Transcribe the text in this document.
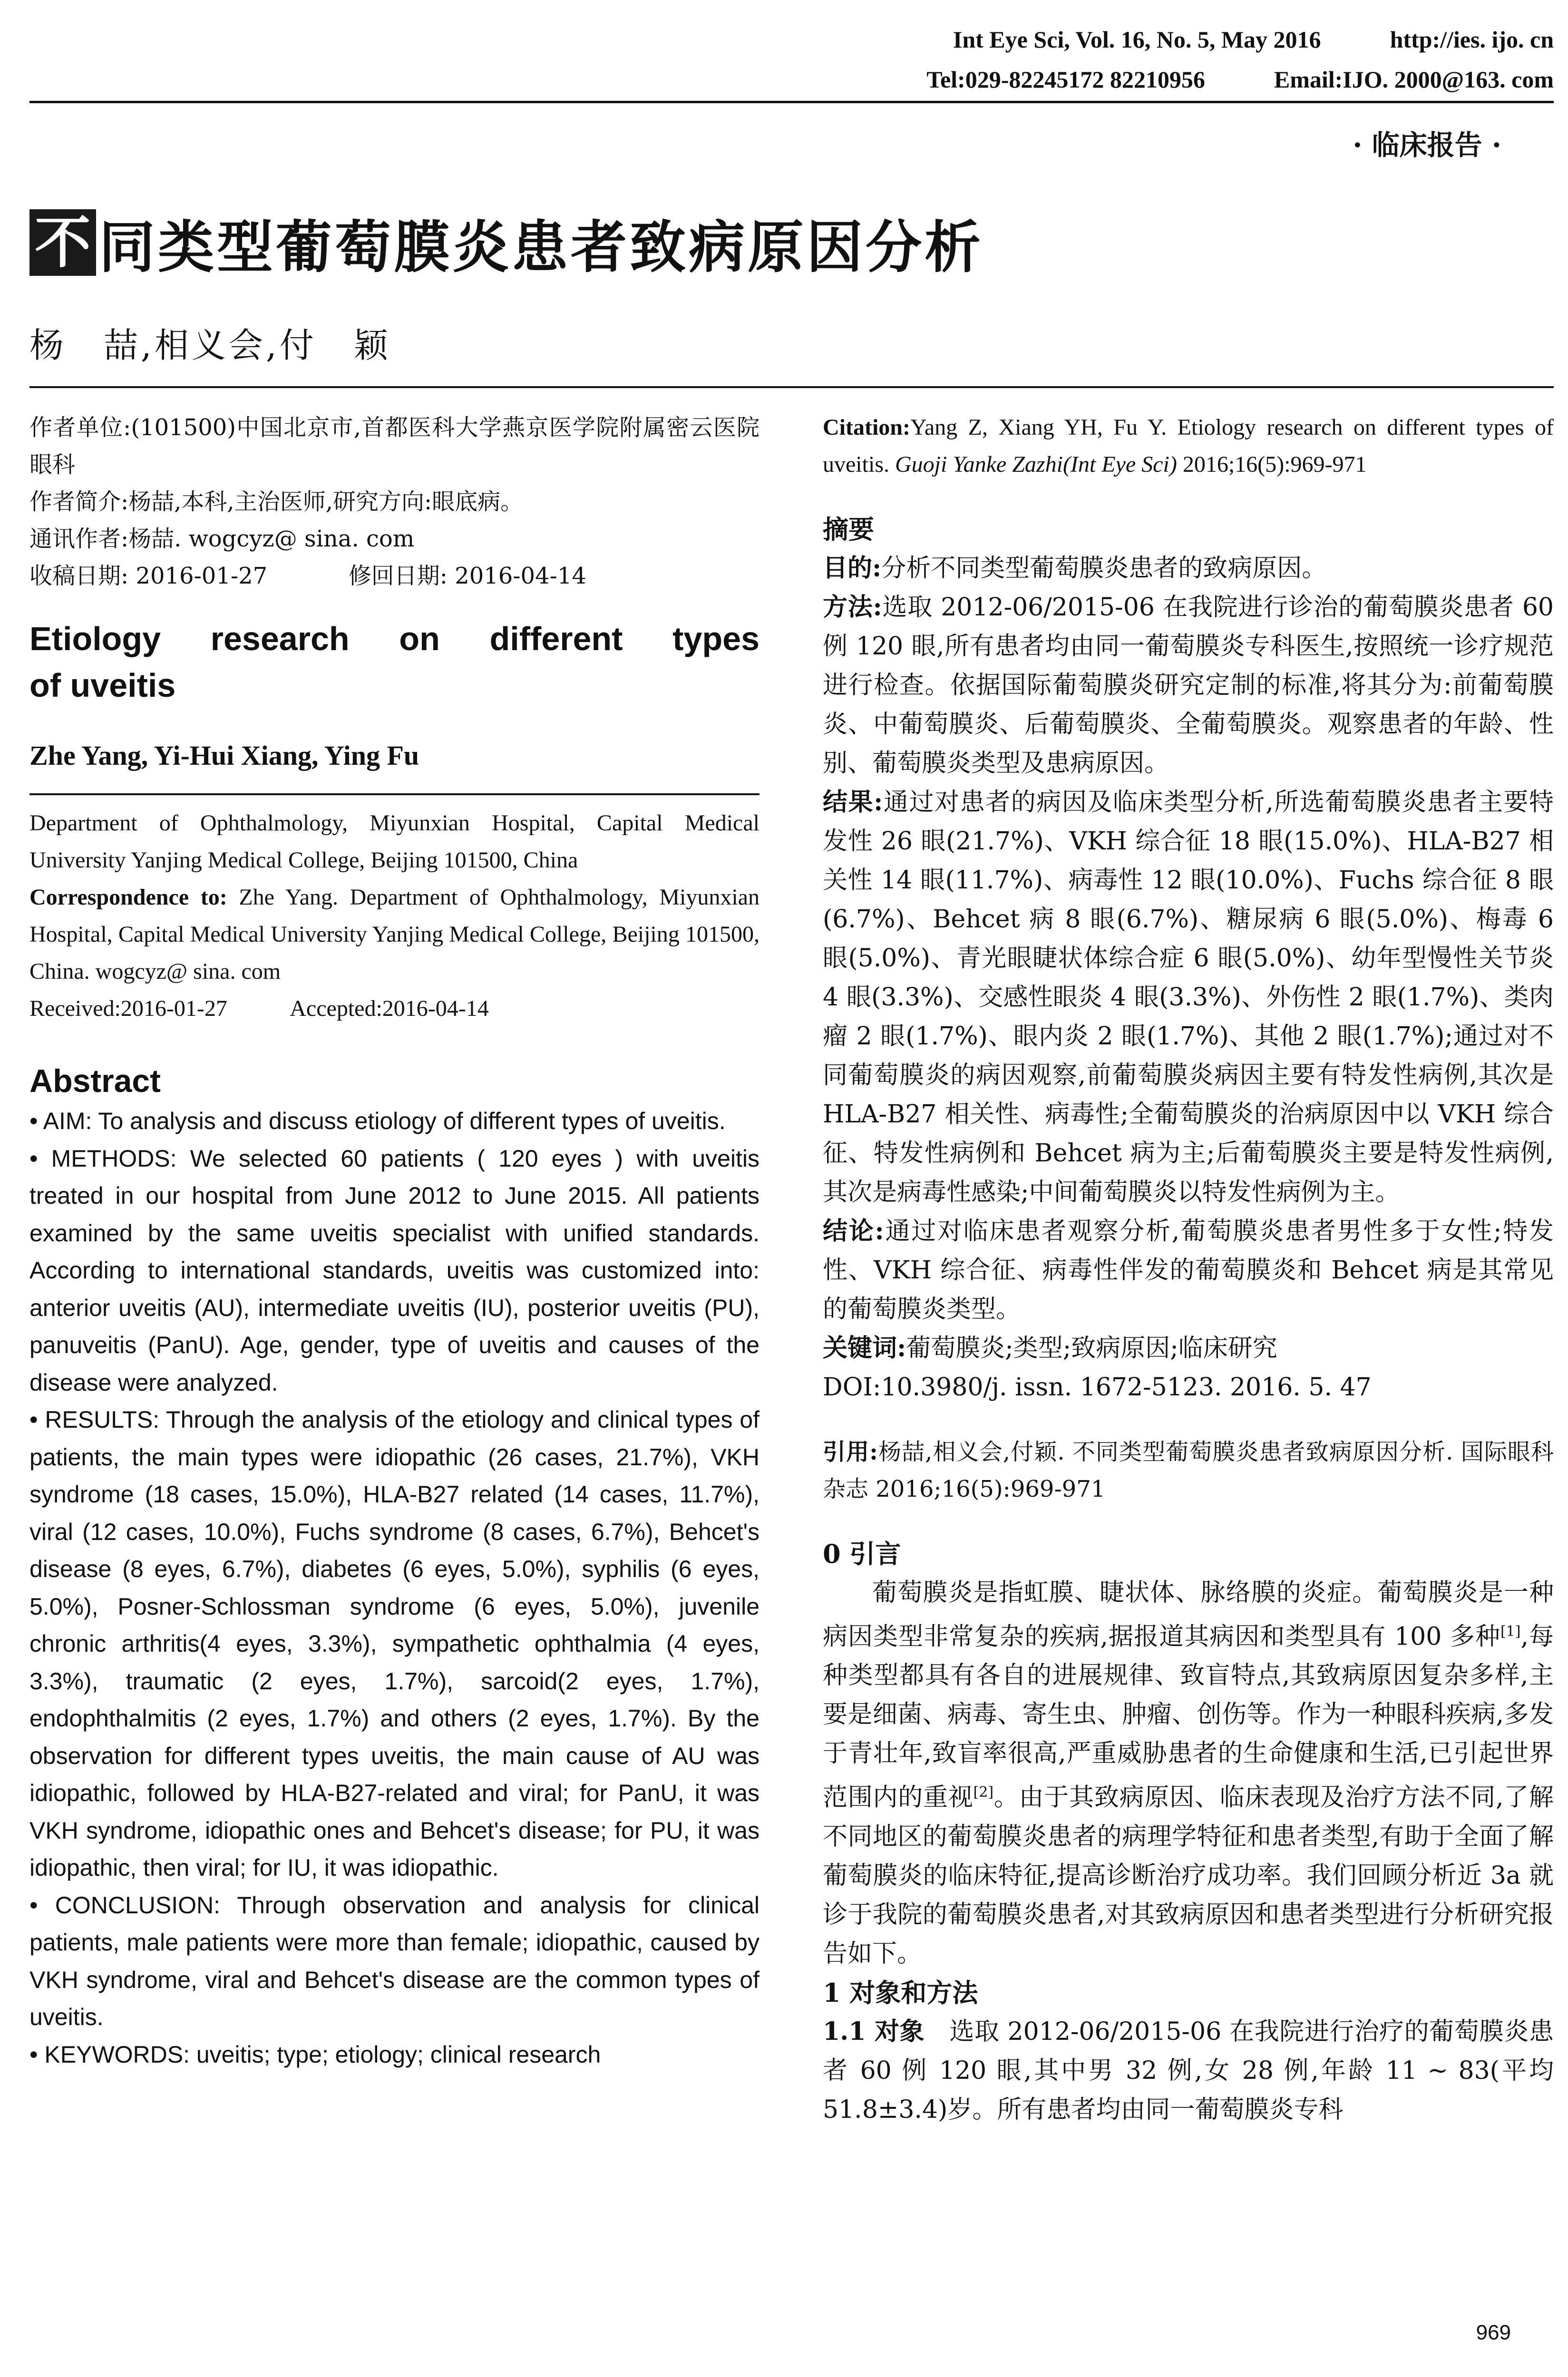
Int Eye Sci, Vol. 16, No. 5, May 2016	http://ies. ijo. cn
Tel:029-82245172 82210956	Email:IJO. 2000@163. com
· 临床报告 ·
不 同类型葡萄膜炎患者致病原因分析
杨　喆,相义会,付　颖
作者单位:(101500)中国北京市,首都医科大学燕京医学院附属密云医院眼科
作者简介:杨喆,本科,主治医师,研究方向:眼底病。
通讯作者:杨喆. wogcyz@ sina. com
收稿日期: 2016-01-27	修回日期: 2016-04-14
Etiology research on different types
of uveitis
Zhe Yang, Yi-Hui Xiang, Ying Fu
Department of Ophthalmology, Miyunxian Hospital, Capital Medical University Yanjing Medical College, Beijing 101500, China
Correspondence to: Zhe Yang. Department of Ophthalmology, Miyunxian Hospital, Capital Medical University Yanjing Medical College, Beijing 101500, China. wogcyz@ sina. com
Received:2016-01-27	Accepted:2016-04-14
Abstract
• AIM: To analysis and discuss etiology of different types of uveitis.
• METHODS: We selected 60 patients ( 120 eyes ) with uveitis treated in our hospital from June 2012 to June 2015. All patients examined by the same uveitis specialist with unified standards. According to international standards, uveitis was customized into: anterior uveitis (AU), intermediate uveitis (IU), posterior uveitis (PU), panuveitis (PanU). Age, gender, type of uveitis and causes of the disease were analyzed.
• RESULTS: Through the analysis of the etiology and clinical types of patients, the main types were idiopathic (26 cases, 21.7%), VKH syndrome (18 cases, 15.0%), HLA-B27 related (14 cases, 11.7%), viral (12 cases, 10.0%), Fuchs syndrome (8 cases, 6.7%), Behcet's disease (8 eyes, 6.7%), diabetes (6 eyes, 5.0%), syphilis (6 eyes, 5.0%), Posner-Schlossman syndrome (6 eyes, 5.0%), juvenile chronic arthritis(4 eyes, 3.3%), sympathetic ophthalmia (4 eyes, 3.3%), traumatic (2 eyes, 1.7%), sarcoid(2 eyes, 1.7%), endophthalmitis (2 eyes, 1.7%) and others (2 eyes, 1.7%). By the observation for different types uveitis, the main cause of AU was idiopathic, followed by HLA-B27-related and viral; for PanU, it was VKH syndrome, idiopathic ones and Behcet's disease; for PU, it was idiopathic, then viral; for IU, it was idiopathic.
• CONCLUSION: Through observation and analysis for clinical patients, male patients were more than female; idiopathic, caused by VKH syndrome, viral and Behcet's disease are the common types of uveitis.
• KEYWORDS: uveitis; type; etiology; clinical research
Citation:Yang Z, Xiang YH, Fu Y. Etiology research on different types of uveitis. Guoji Yanke Zazhi(Int Eye Sci) 2016;16(5):969-971
摘要
目的:分析不同类型葡萄膜炎患者的致病原因。
方法:选取 2012-06/2015-06 在我院进行诊治的葡萄膜炎患者 60 例 120 眼,所有患者均由同一葡萄膜炎专科医生,按照统一诊疗规范进行检查。依据国际葡萄膜炎研究定制的标准,将其分为:前葡萄膜炎、中葡萄膜炎、后葡萄膜炎、全葡萄膜炎。观察患者的年龄、性别、葡萄膜炎类型及患病原因。
结果:通过对患者的病因及临床类型分析,所选葡萄膜炎患者主要特发性 26 眼(21.7%)、VKH 综合征 18 眼(15.0%)、HLA-B27 相关性 14 眼(11.7%)、病毒性 12 眼(10.0%)、Fuchs 综合征 8 眼(6.7%)、Behcet 病 8 眼(6.7%)、糖尿病 6 眼(5.0%)、梅毒 6 眼(5.0%)、青光眼睫状体综合症 6 眼(5.0%)、幼年型慢性关节炎 4 眼(3.3%)、交感性眼炎 4 眼(3.3%)、外伤性 2 眼(1.7%)、类肉瘤 2 眼(1.7%)、眼内炎 2 眼(1.7%)、其他 2 眼(1.7%);通过对不同葡萄膜炎的病因观察,前葡萄膜炎病因主要有特发性病例,其次是 HLA-B27 相关性、病毒性;全葡萄膜炎的治病原因中以 VKH 综合征、特发性病例和 Behcet 病为主;后葡萄膜炎主要是特发性病例,其次是病毒性感染;中间葡萄膜炎以特发性病例为主。
结论:通过对临床患者观察分析,葡萄膜炎患者男性多于女性;特发性、VKH 综合征、病毒性伴发的葡萄膜炎和 Behcet 病是其常见的葡萄膜炎类型。
关键词:葡萄膜炎;类型;致病原因;临床研究
DOI:10.3980/j. issn. 1672-5123. 2016. 5. 47
引用:杨喆,相义会,付颖. 不同类型葡萄膜炎患者致病原因分析. 国际眼科杂志 2016;16(5):969-971
0 引言
葡萄膜炎是指虹膜、睫状体、脉络膜的炎症。葡萄膜炎是一种病因类型非常复杂的疾病,据报道其病因和类型具有 100 多种[1],每种类型都具有各自的进展规律、致盲特点,其致病原因复杂多样,主要是细菌、病毒、寄生虫、肿瘤、创伤等。作为一种眼科疾病,多发于青壮年,致盲率很高,严重威胁患者的生命健康和生活,已引起世界范围内的重视[2]。由于其致病原因、临床表现及治疗方法不同,了解不同地区的葡萄膜炎患者的病理学特征和患者类型,有助于全面了解葡萄膜炎的临床特征,提高诊断治疗成功率。我们回顾分析近 3a 就诊于我院的葡萄膜炎患者,对其致病原因和患者类型进行分析研究报告如下。
1 对象和方法
1.1 对象　选取 2012-06/2015-06 在我院进行治疗的葡萄膜炎患者 60 例 120 眼,其中男 32 例,女 28 例,年龄 11 ~ 83(平均 51.8±3.4)岁。所有患者均由同一葡萄膜炎专科
969
